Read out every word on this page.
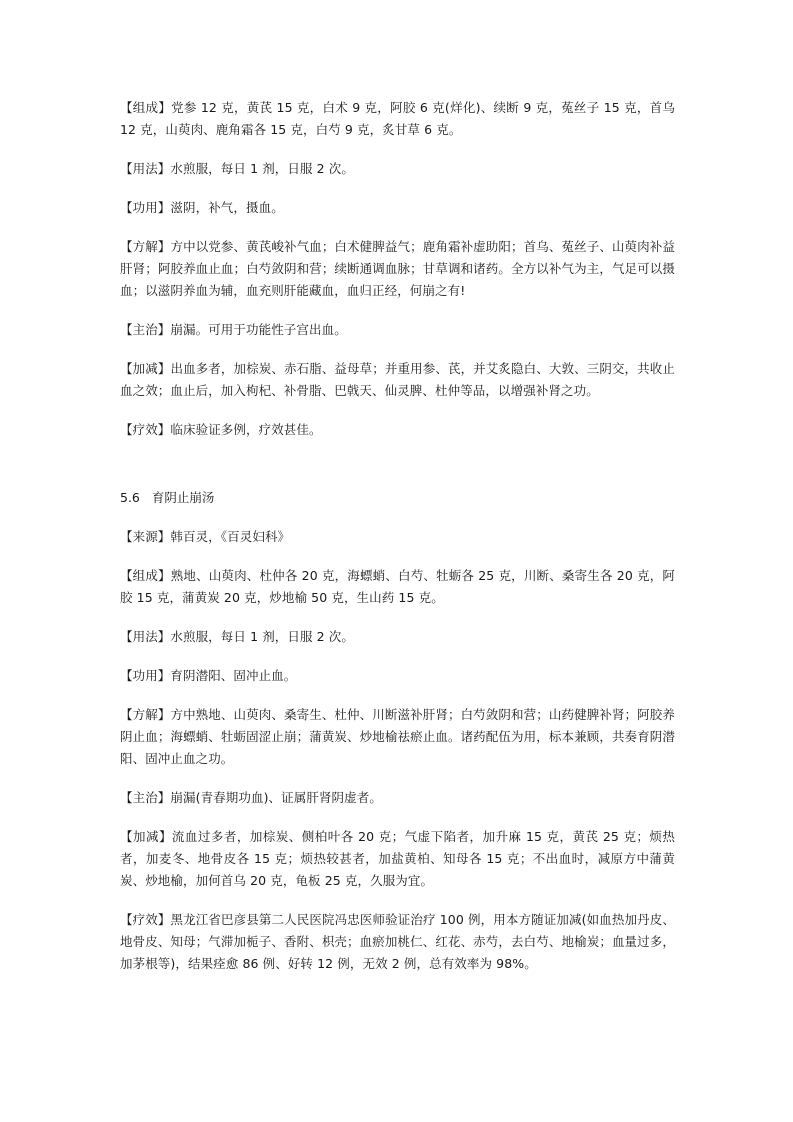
【组成】党参 12 克，黄芪 15 克，白术 9 克，阿胶 6 克(烊化)、续断 9 克，菟丝子 15 克，首乌 12 克，山萸肉、鹿角霜各 15 克，白芍 9 克，炙甘草 6 克。

【用法】水煎服，每日 1 剂，日服 2 次。

【功用】滋阴，补气，摄血。

【方解】方中以党参、黄芪峻补气血；白术健脾益气；鹿角霜补虚助阳；首乌、菟丝子、山萸肉补益肝肾；阿胶养血止血；白芍敛阴和营；续断通调血脉；甘草调和诸药。全方以补气为主，气足可以摄血；以滋阴养血为辅，血充则肝能藏血，血归正经，何崩之有!

【主治】崩漏。可用于功能性子宫出血。

【加减】出血多者，加棕炭、赤石脂、益母草；并重用参、芪，并艾炙隐白、大敦、三阴交，共收止血之效；血止后，加入枸杞、补骨脂、巴戟天、仙灵脾、杜仲等品，以增强补肾之功。

【疗效】临床验证多例，疗效甚佳。

5.6 育阴止崩汤

【来源】韩百灵，《百灵妇科》

【组成】熟地、山萸肉、杜仲各 20 克，海螵蛸、白芍、牡蛎各 25 克，川断、桑寄生各 20 克，阿胶 15 克，蒲黄炭 20 克，炒地榆 50 克，生山药 15 克。

【用法】水煎服，每日 1 剂，日服 2 次。

【功用】育阴潜阳、固冲止血。

【方解】方中熟地、山萸肉、桑寄生、杜仲、川断滋补肝肾；白芍敛阴和营；山药健脾补肾；阿胶养阴止血；海螵蛸、牡蛎固涩止崩；蒲黄炭、炒地榆祛瘀止血。诸药配伍为用，标本兼顾，共奏育阴潜阳、固冲止血之功。

【主治】崩漏(青春期功血)、证属肝肾阴虚者。

【加减】流血过多者，加棕炭、侧柏叶各 20 克；气虚下陷者，加升麻 15 克，黄芪 25 克；烦热者，加麦冬、地骨皮各 15 克；烦热较甚者，加盐黄柏、知母各 15 克；不出血时，减原方中蒲黄炭、炒地榆，加何首乌 20 克，龟板 25 克，久服为宜。

【疗效】黑龙江省巴彦县第二人民医院冯忠医师验证治疗 100 例，用本方随证加减(如血热加丹皮、地骨皮、知母；气滞加栀子、香附、枳壳；血瘀加桃仁、红花、赤芍，去白芍、地榆炭；血量过多，加茅根等)，结果痊愈 86 例、好转 12 例，无效 2 例，总有效率为 98%。
